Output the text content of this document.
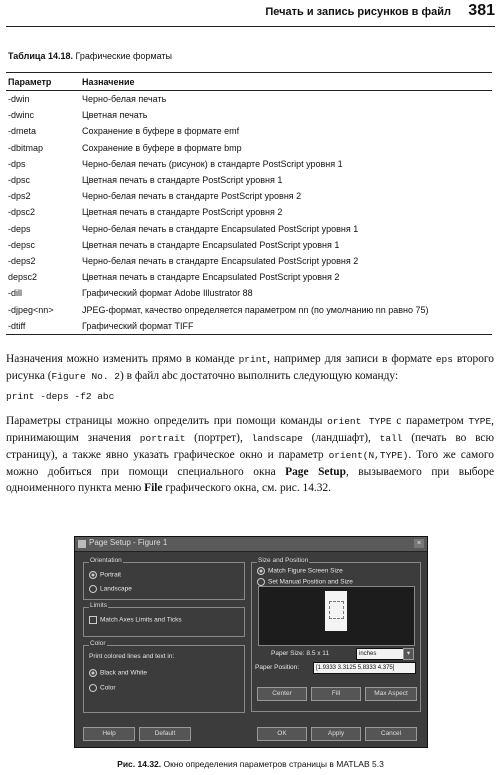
Печать и запись рисунков в файл 381
Таблица 14.18. Графические форматы
Параметр	Назначение
-dwin	Черно-белая печать
-dwinc	Цветная печать
-dmeta	Сохранение в буфере в формате emf
-dbitmap	Сохранение в буфере в формате bmp
-dps	Черно-белая печать (рисунок) в стандарте PostScript уровня 1
-dpsc	Цветная печать в стандарте PostScript уровня 1
-dps2	Черно-белая печать в стандарте PostScript уровня 2
-dpsc2	Цветная печать в стандарте PostScript уровня 2
-deps	Черно-белая печать в стандарте Encapsulated PostScript уровня 1
-depsc	Цветная печать в стандарте Encapsulated PostScript уровня 1
-deps2	Черно-белая печать в стандарте Encapsulated PostScript уровня 2
depsc2	Цветная печать в стандарте Encapsulated PostScript уровня 2
-dill	Графический формат Adobe Illustrator 88
-djpeg<nn>	JPEG-формат, качество определяется параметром nn (по умолчанию nn равно 75)
-dtiff	Графический формат TIFF
Назначения можно изменить прямо в команде print, например для записи в формате eps второго рисунка (Figure No. 2) в файл abc достаточно выполнить следующую команду:
print -deps -f2 abc
Параметры страницы можно определить при помощи команды orient TYPE с параметром TYPE, принимающим значения portrait (портрет), landscape (ландшафт), tall (печать во всю страницу), а также явно указать графическое окно и параметр orient(N,TYPE). Того же самого можно добиться при помощи специального окна Page Setup, вызываемого при выборе одноименного пункта меню File графического окна, см. рис. 14.32.
Page Setup - Figure 1	×
Orientation
Portrait
Landscape
Limits
Match Axes Limits and Ticks
Color
Print colored lines and text in:
Black and White
Color
Size and Position
Match Figure Screen Size
Set Manual Position and Size
Paper Size: 8.5 x 11	inches	▾
Paper Position:	[1.9333 3.3125 5.8333 4.375]
Center	Fill	Max Aspect
Help	Default	OK	Apply	Cancel
Рис. 14.32. Окно определения параметров страницы в MATLAB 5.3
